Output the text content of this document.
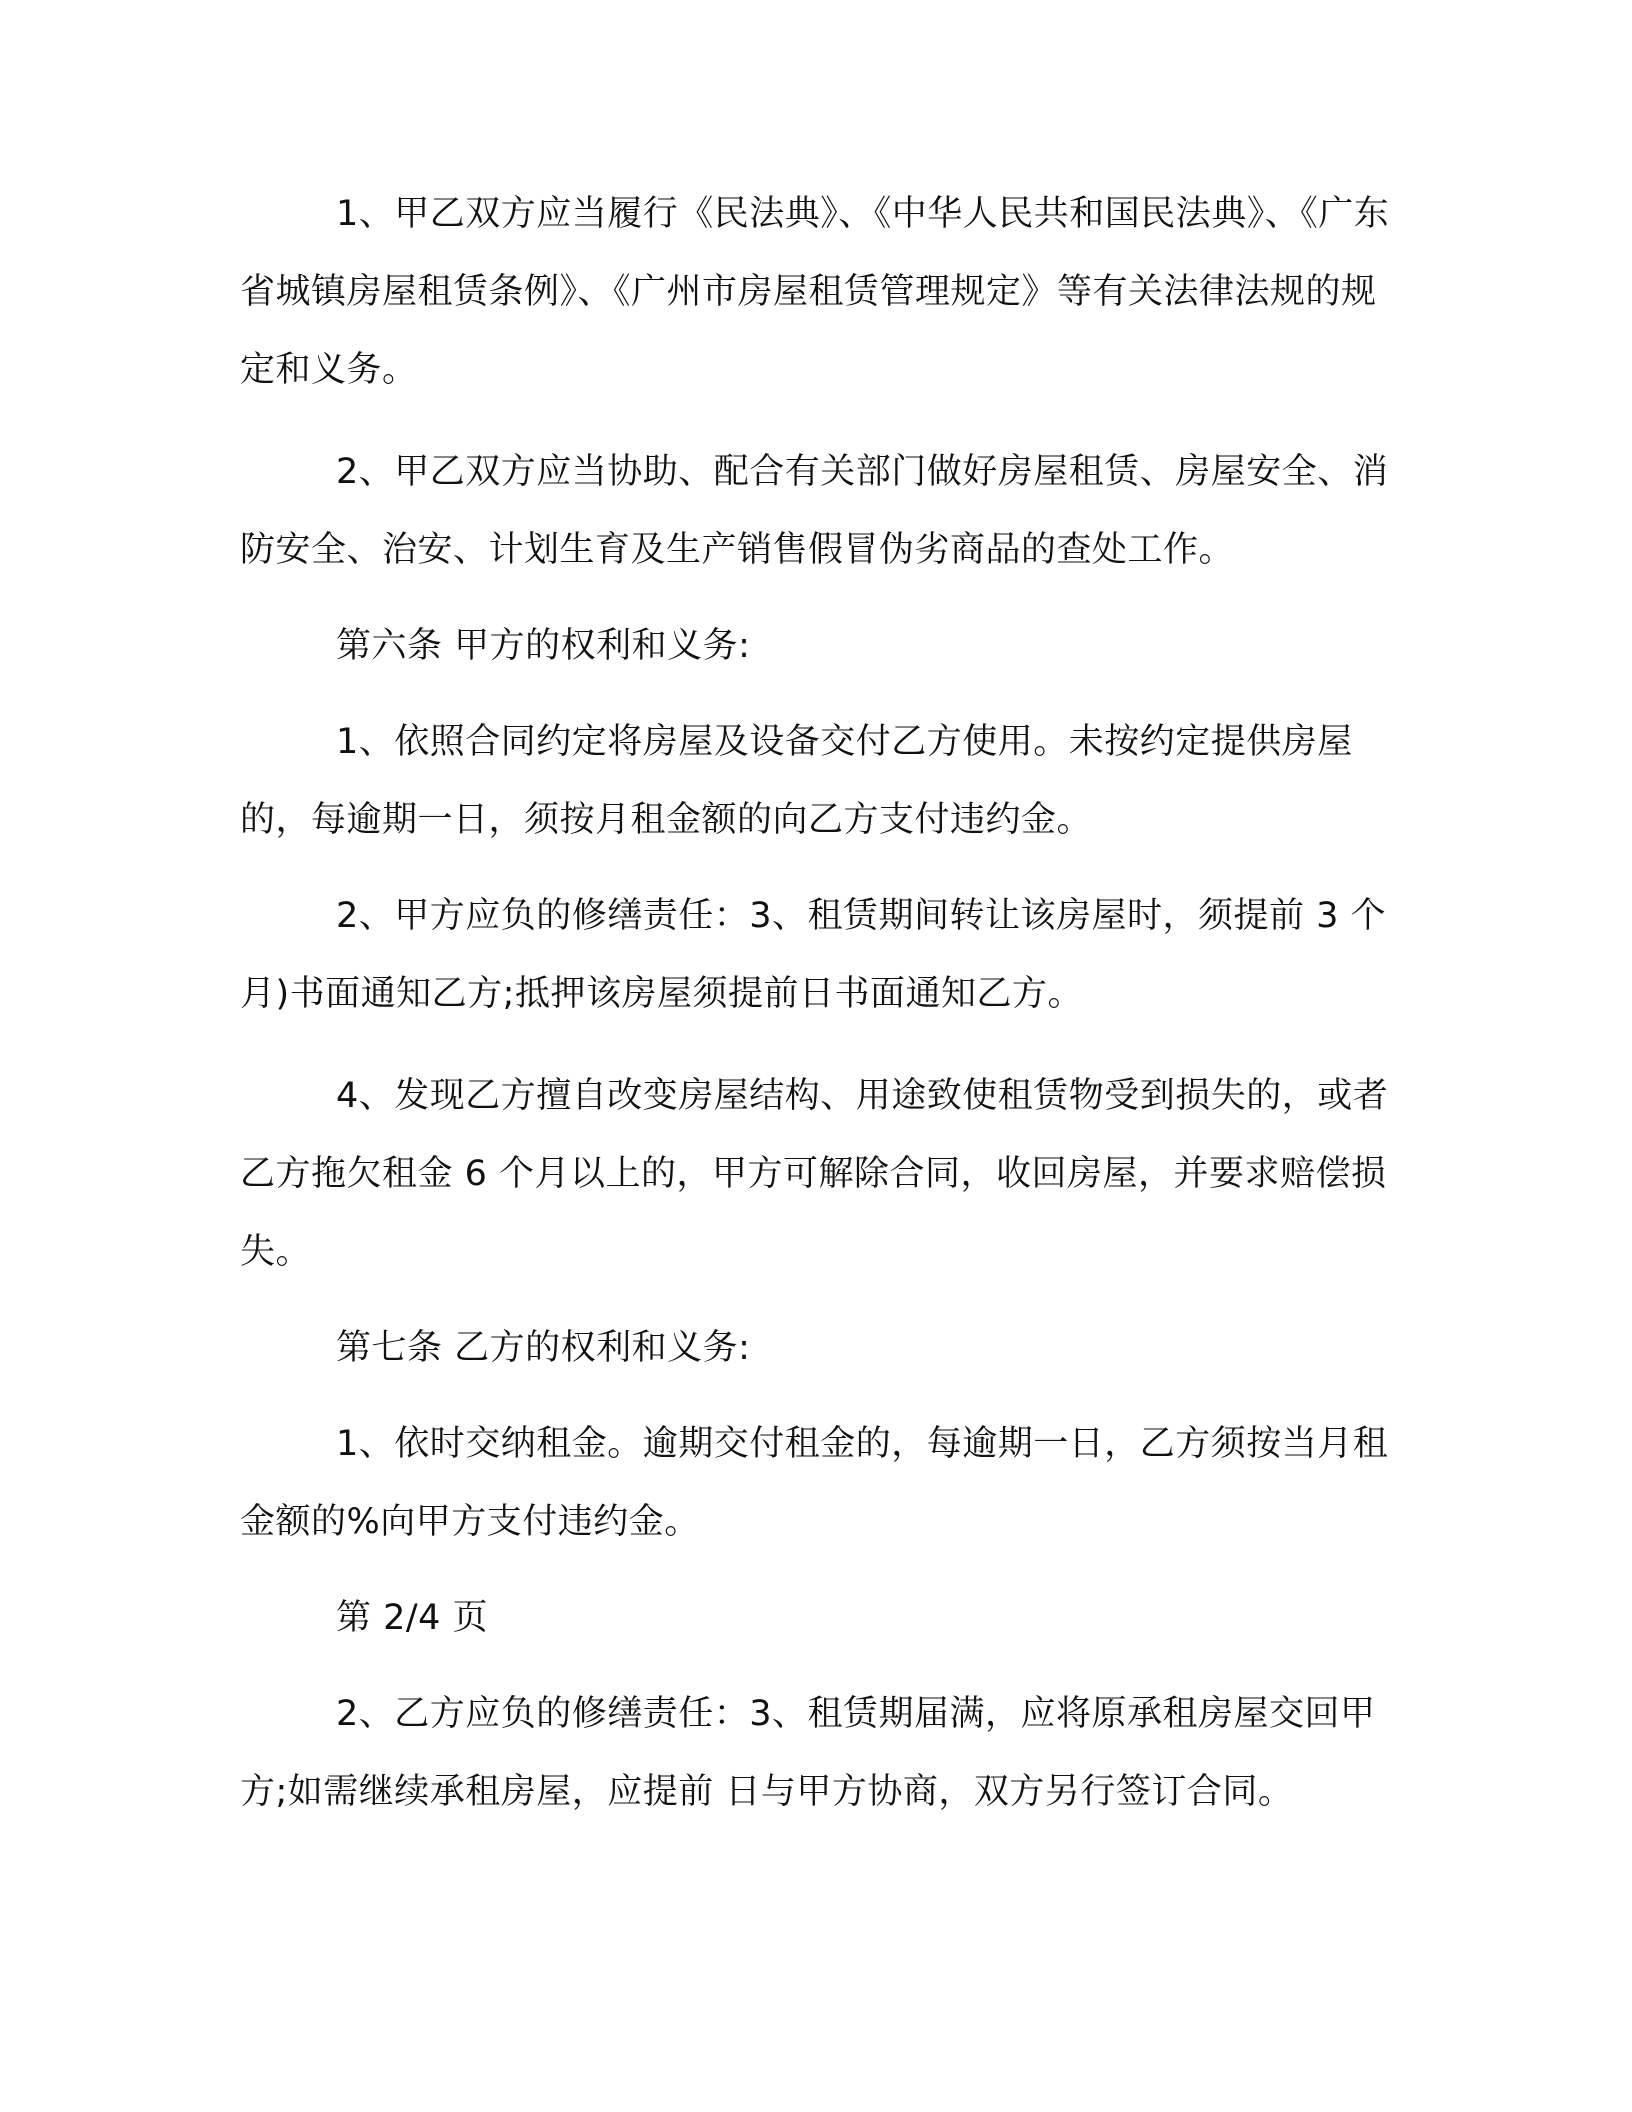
1、甲乙双方应当履行《民法典》、《中华人民共和国民法典》、《广东省城镇房屋租赁条例》、《广州市房屋租赁管理规定》等有关法律法规的规定和义务。

2、甲乙双方应当协助、配合有关部门做好房屋租赁、房屋安全、消防安全、治安、计划生育及生产销售假冒伪劣商品的查处工作。

第六条 甲方的权利和义务:

1、依照合同约定将房屋及设备交付乙方使用。未按约定提供房屋的，每逾期一日，须按月租金额的向乙方支付违约金。

2、甲方应负的修缮责任：3、租赁期间转让该房屋时，须提前 3 个月)书面通知乙方;抵押该房屋须提前日书面通知乙方。

4、发现乙方擅自改变房屋结构、用途致使租赁物受到损失的，或者乙方拖欠租金 6 个月以上的，甲方可解除合同，收回房屋，并要求赔偿损失。

第七条 乙方的权利和义务:

1、依时交纳租金。逾期交付租金的，每逾期一日，乙方须按当月租金额的%向甲方支付违约金。

第 2/4 页

2、乙方应负的修缮责任：3、租赁期届满，应将原承租房屋交回甲方;如需继续承租房屋，应提前 日与甲方协商，双方另行签订合同。
